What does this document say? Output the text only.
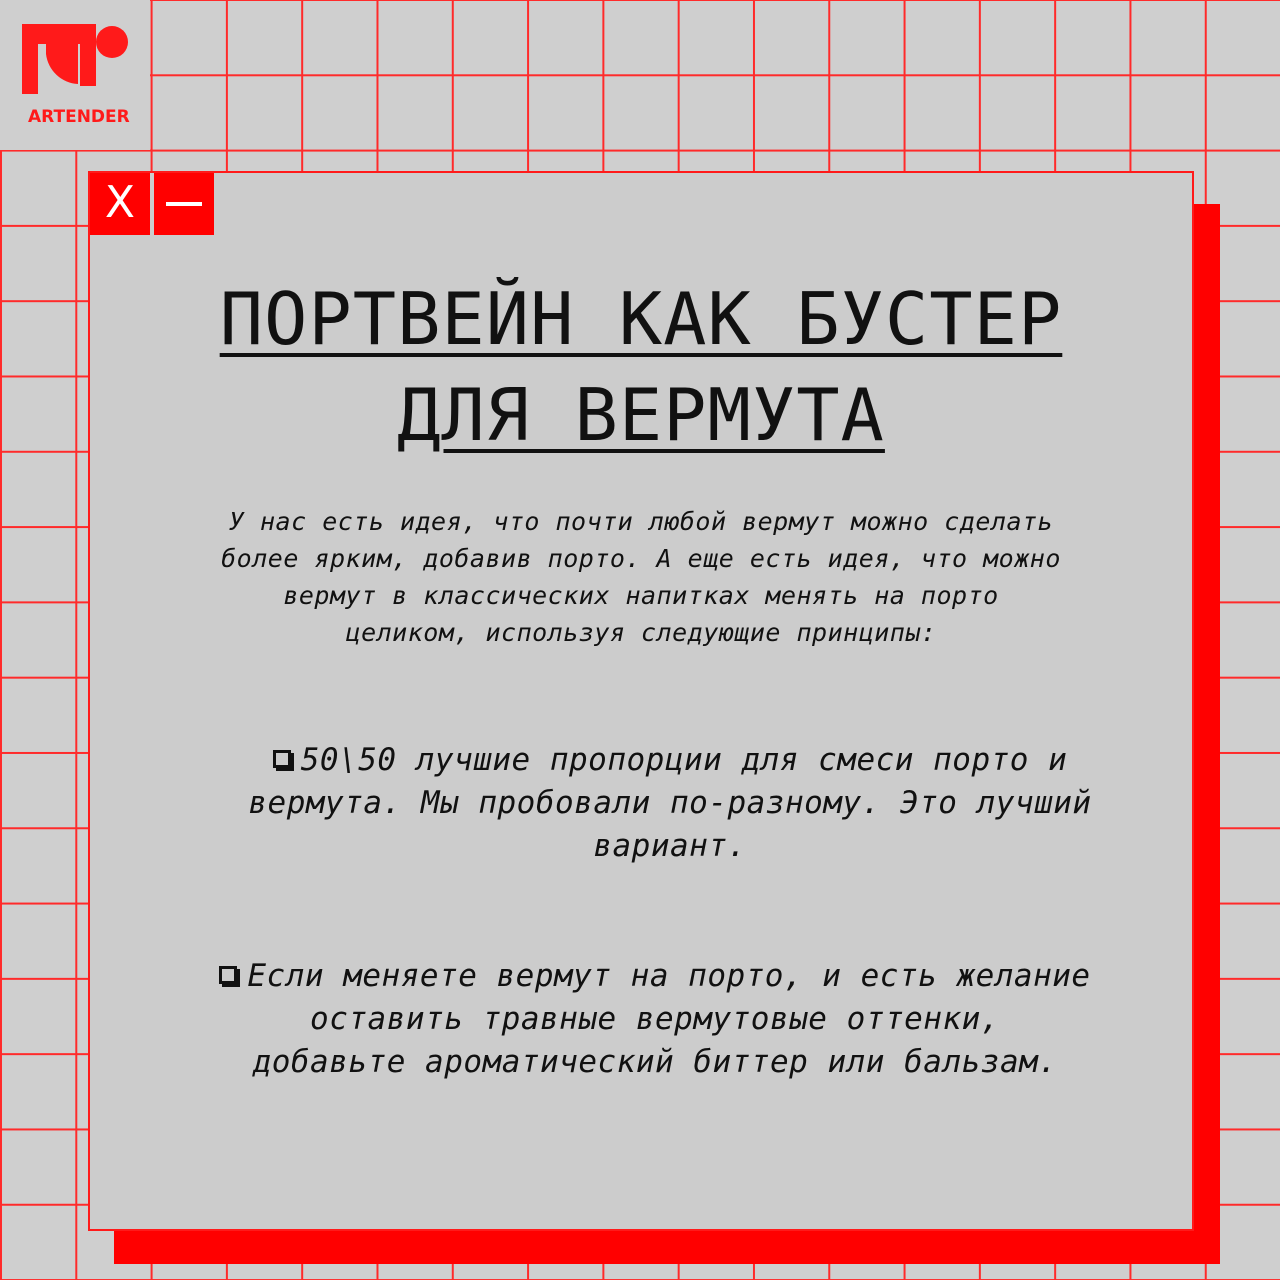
ARTENDER
X
ПОРТВЕЙН КАК БУСТЕР
ДЛЯ ВЕРМУТА

У нас есть идея, что почти любой вермут можно сделать
более ярким, добавив порто. А еще есть идея, что можно
вермут в классических напитках менять на порто
целиком, используя следующие принципы:

50\50 лучшие пропорции для смеси порто и
вермута. Мы пробовали по-разному. Это лучший
вариант.

Если меняете вермут на порто, и есть желание
оставить травные вермутовые оттенки,
добавьте ароматический биттер или бальзам.
